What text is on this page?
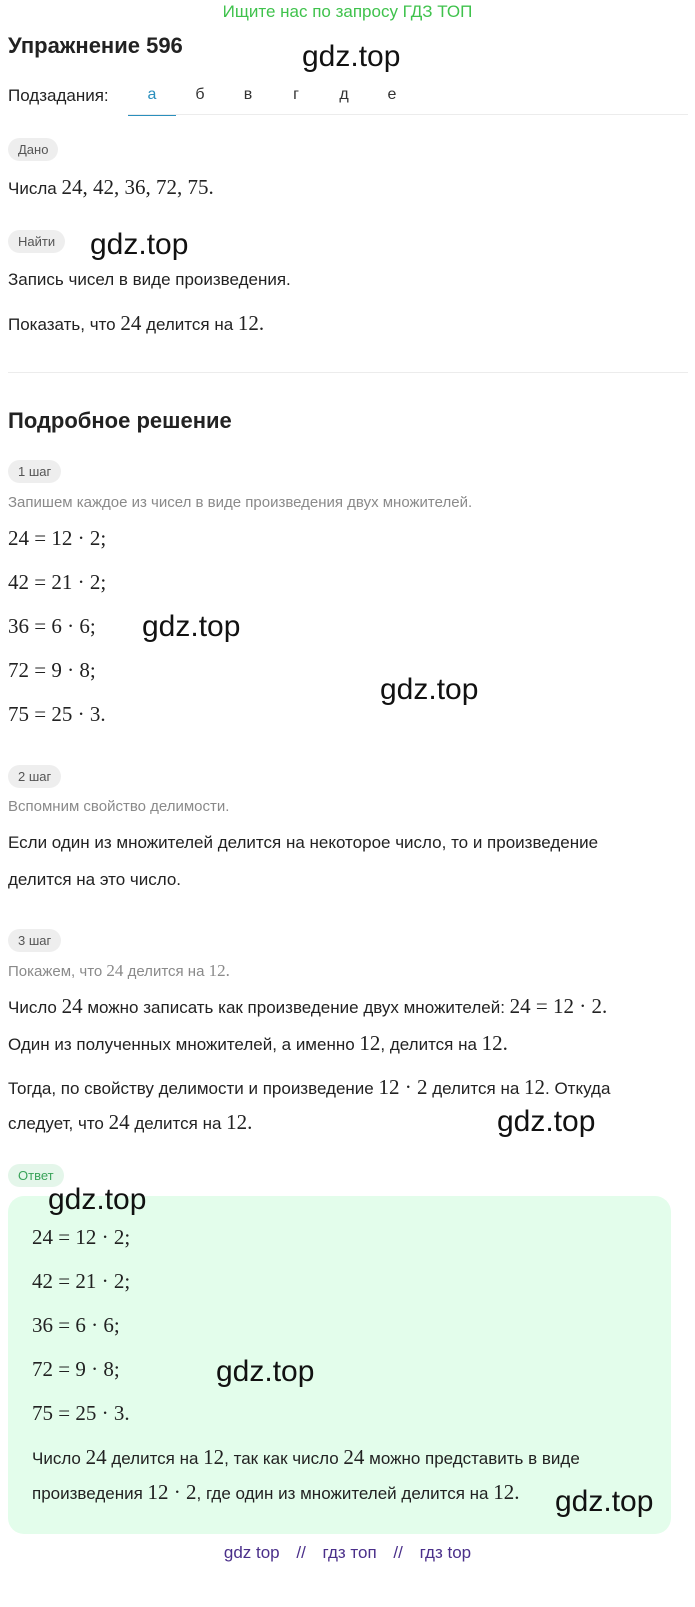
Ищите нас по запросу ГДЗ ТОП
Упражнение 596
Подзадания:	а	б	в	г	д	е
Дано
Числа 24, 42, 36, 72, 75.
Найти
Запись чисел в виде произведения.
Показать, что 24 делится на 12.
Подробное решение
1 шаг
Запишем каждое из чисел в виде произведения двух множителей.
24 = 12 · 2;
42 = 21 · 2;
36 = 6 · 6;
72 = 9 · 8;
75 = 25 · 3.
2 шаг
Вспомним свойство делимости.
Если один из множителей делится на некоторое число, то и произведение
делится на это число.
3 шаг
Покажем, что 24 делится на 12.
Число 24 можно записать как произведение двух множителей: 24 = 12 · 2.
Один из полученных множителей, а именно 12, делится на 12.
Тогда, по свойству делимости и произведение 12 · 2 делится на 12. Откуда
следует, что 24 делится на 12.
Ответ
24 = 12 · 2;
42 = 21 · 2;
36 = 6 · 6;
72 = 9 · 8;
75 = 25 · 3.
Число 24 делится на 12, так как число 24 можно представить в виде
произведения 12 · 2, где один из множителей делится на 12.
gdz.top
gdz.top
gdz.top
gdz.top
gdz.top
gdz.top
gdz.top
gdz.top
gdz top // гдз топ // гдз top
